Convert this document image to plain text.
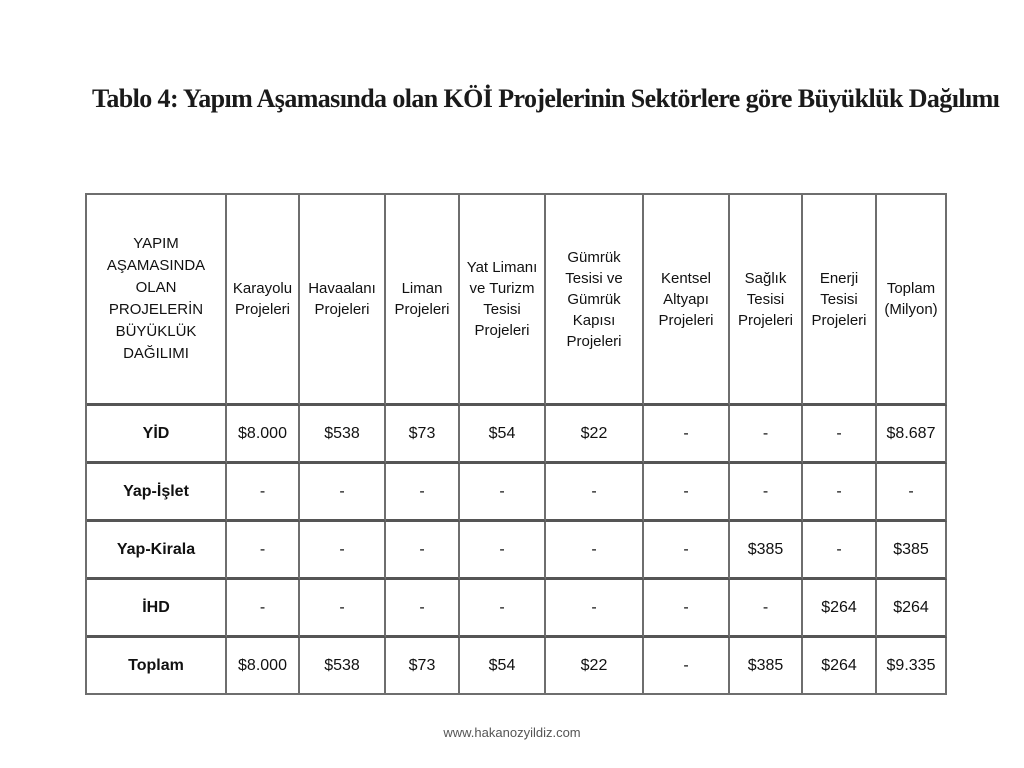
Tablo 4: Yapım Aşamasında olan KÖİ Projelerinin Sektörlere göre Büyüklük Dağılımı
YAPIM AŞAMASINDA OLAN PROJELERİN BÜYÜKLÜK DAĞILIMI	Karayolu Projeleri	Havaalanı Projeleri	Liman Projeleri	Yat Limanı ve Turizm Tesisi Projeleri	Gümrük Tesisi ve Gümrük Kapısı Projeleri	Kentsel Altyapı Projeleri	Sağlık Tesisi Projeleri	Enerji Tesisi Projeleri	Toplam (Milyon)
YİD	$8.000	$538	$73	$54	$22	-	-	-	$8.687
Yap-İşlet	-	-	-	-	-	-	-	-	-
Yap-Kirala	-	-	-	-	-	-	$385	-	$385
İHD	-	-	-	-	-	-	-	$264	$264
Toplam	$8.000	$538	$73	$54	$22	-	$385	$264	$9.335
www.hakanozyildiz.com
